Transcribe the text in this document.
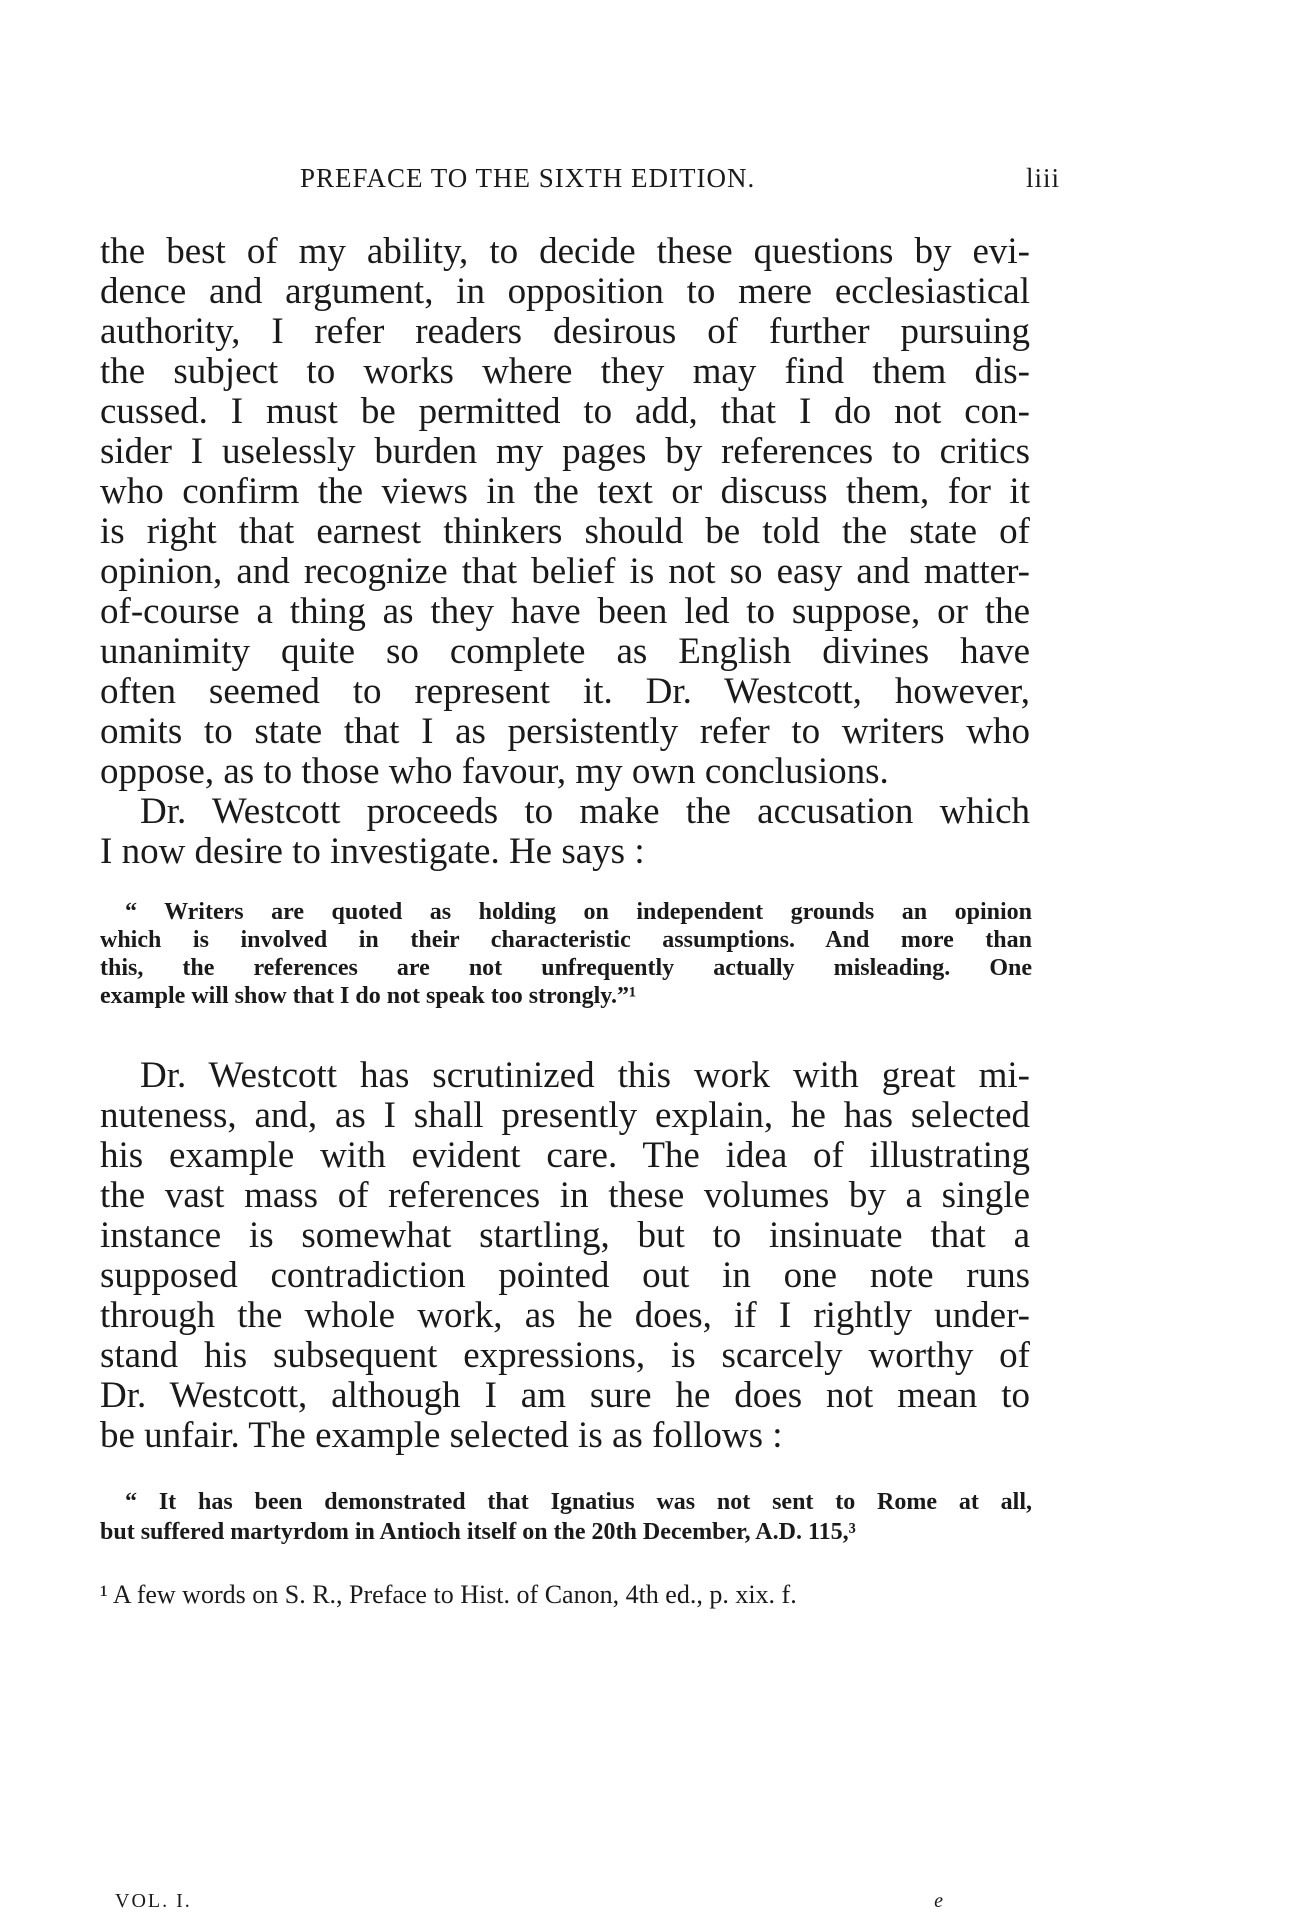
PREFACE TO THE SIXTH EDITION.	liii
the best of my ability, to decide these questions by evi-
dence and argument, in opposition to mere ecclesiastical
authority, I refer readers desirous of further pursuing
the subject to works where they may find them dis-
cussed. I must be permitted to add, that I do not con-
sider I uselessly burden my pages by references to critics
who confirm the views in the text or discuss them, for it
is right that earnest thinkers should be told the state of
opinion, and recognize that belief is not so easy and matter-
of-course a thing as they have been led to suppose, or the
unanimity quite so complete as English divines have
often seemed to represent it. Dr. Westcott, however,
omits to state that I as persistently refer to writers who
oppose, as to those who favour, my own conclusions.
Dr. Westcott proceeds to make the accusation which
I now desire to investigate. He says :
“ Writers are quoted as holding on independent grounds an opinion
which is involved in their characteristic assumptions. And more than
this, the references are not unfrequently actually misleading. One
example will show that I do not speak too strongly.”¹
Dr. Westcott has scrutinized this work with great mi-
nuteness, and, as I shall presently explain, he has selected
his example with evident care. The idea of illustrating
the vast mass of references in these volumes by a single
instance is somewhat startling, but to insinuate that a
supposed contradiction pointed out in one note runs
through the whole work, as he does, if I rightly under-
stand his subsequent expressions, is scarcely worthy of
Dr. Westcott, although I am sure he does not mean to
be unfair. The example selected is as follows :
“ It has been demonstrated that Ignatius was not sent to Rome at all,
but suffered martyrdom in Antioch itself on the 20th December, A.D. 115,³
¹ A few words on S. R., Preface to Hist. of Canon, 4th ed., p. xix. f.
VOL. I.	e
